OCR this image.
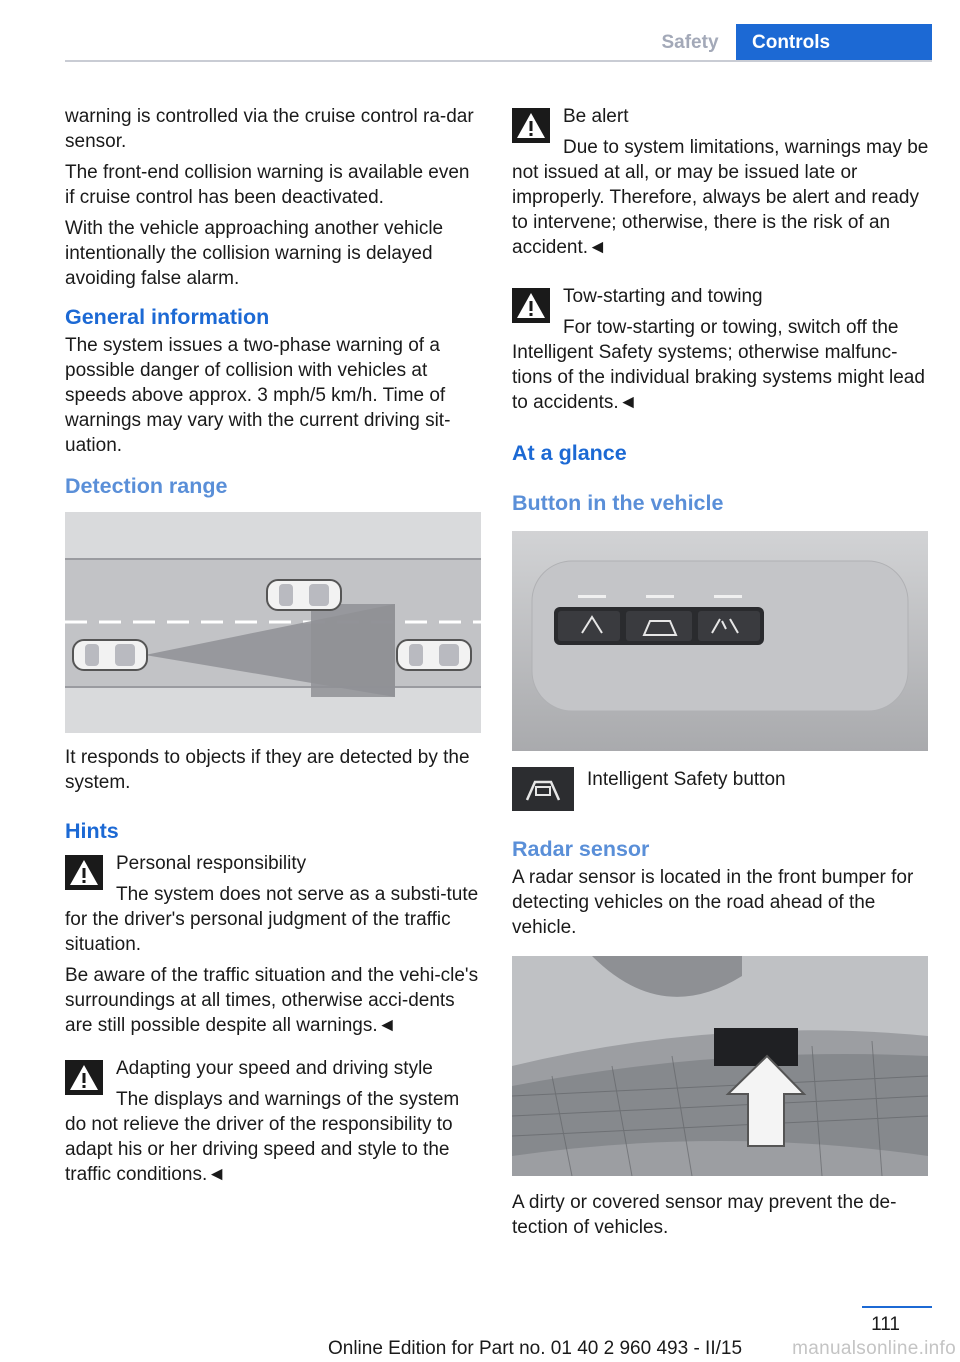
Safety	Controls

warning is controlled via the cruise control ra‐dar sensor.

The front‐end collision warning is available even if cruise control has been deactivated.

With the vehicle approaching another vehicle intentionally the collision warning is delayed avoiding false alarm.

General information

The system issues a two‐phase warning of a possible danger of collision with vehicles at speeds above approx. 3 mph/5 km/h. Time of warnings may vary with the current driving sit‐uation.

Detection range

It responds to objects if they are detected by the system.

Hints
Personal responsibility
The system does not serve as a substi‐tute for the driver's personal judgment of the traffic situation.

Be aware of the traffic situation and the vehi‐cle's surroundings at all times, otherwise acci‐dents are still possible despite all warnings.◄

Adapting your speed and driving style
The displays and warnings of the system do not relieve the driver of the responsibility to adapt his or her driving speed and style to the traffic conditions.◄
Be alert
Due to system limitations, warnings may be not issued at all, or may be issued late or improperly. Therefore, always be alert and ready to intervene; otherwise, there is the risk of an accident.◄
Tow‐starting and towing
For tow‐starting or towing, switch off the Intelligent Safety systems; otherwise malfunc‐tions of the individual braking systems might lead to accidents.◄
At a glance
Button in the vehicle
Intelligent Safety button
Radar sensor

A radar sensor is located in the front bumper for detecting vehicles on the road ahead of the vehicle.

A dirty or covered sensor may prevent the de‐tection of vehicles.

111
Online Edition for Part no. 01 40 2 960 493 - II/15	manualsonline.info
